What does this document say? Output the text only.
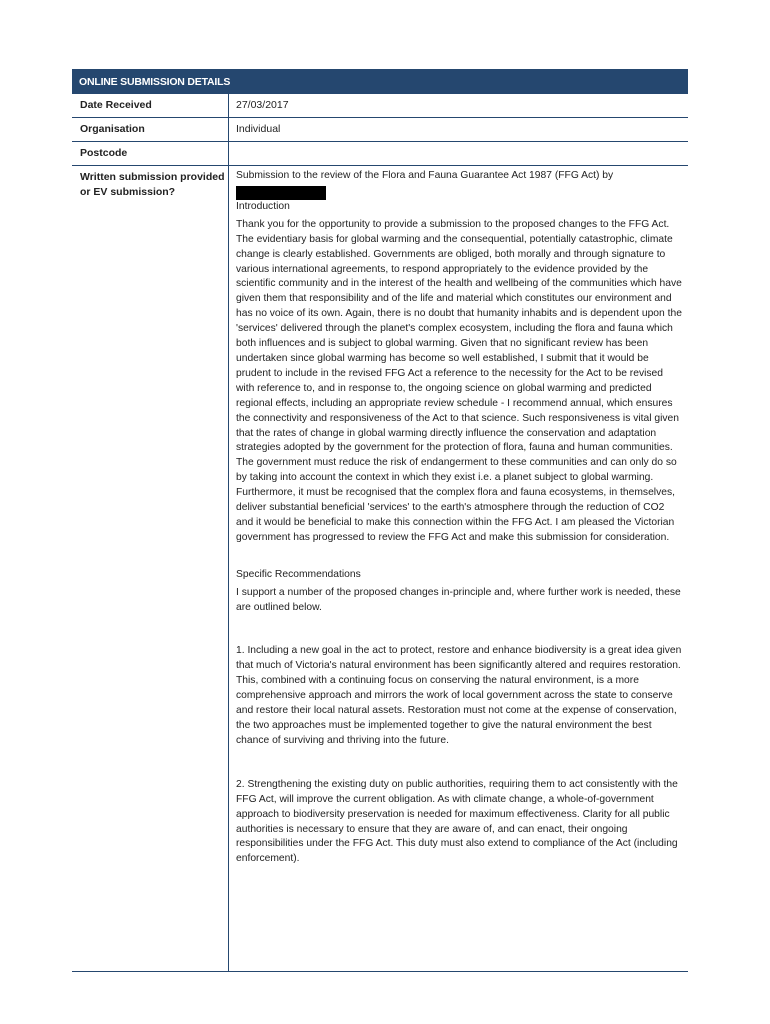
ONLINE SUBMISSION DETAILS
Date Received	27/03/2017
Organisation	Individual
Postcode
Written submission provided or EV submission?

Submission to the review of the Flora and Fauna Guarantee Act 1987 (FFG Act) by

Introduction

Thank you for the opportunity to provide a submission to the proposed changes to the FFG Act. The evidentiary basis for global warming and the consequential, potentially catastrophic, climate change is clearly established. Governments are obliged, both morally and through signature to various international agreements, to respond appropriately to the evidence provided by the scientific community and in the interest of the health and wellbeing of the communities which have given them that responsibility and of the life and material which constitutes our environment and has no voice of its own. Again, there is no doubt that humanity inhabits and is dependent upon the 'services' delivered through the planet's complex ecosystem, including the flora and fauna which both influences and is subject to global warming. Given that no significant review has been undertaken since global warming has become so well established, I submit that it would be prudent to include in the revised FFG Act a reference to the necessity for the Act to be revised with reference to, and in response to, the ongoing science on global warming and predicted regional effects, including an appropriate review schedule - I recommend annual, which ensures the connectivity and responsiveness of the Act to that science. Such responsiveness is vital given that the rates of change in global warming directly influence the conservation and adaptation strategies adopted by the government for the protection of flora, fauna and human communities. The government must reduce the risk of endangerment to these communities and can only do so by taking into account the context in which they exist i.e. a planet subject to global warming. Furthermore, it must be recognised that the complex flora and fauna ecosystems, in themselves, deliver substantial beneficial 'services' to the earth's atmosphere through the reduction of CO2 and it would be beneficial to make this connection within the FFG Act. I am pleased the Victorian government has progressed to review the FFG Act and make this submission for consideration.

Specific Recommendations

I support a number of the proposed changes in-principle and, where further work is needed, these are outlined below.

1. Including a new goal in the act to protect, restore and enhance biodiversity is a great idea given that much of Victoria's natural environment has been significantly altered and requires restoration. This, combined with a continuing focus on conserving the natural environment, is a more comprehensive approach and mirrors the work of local government across the state to conserve and restore their local natural assets. Restoration must not come at the expense of conservation, the two approaches must be implemented together to give the natural environment the best chance of surviving and thriving into the future.

2. Strengthening the existing duty on public authorities, requiring them to act consistently with the FFG Act, will improve the current obligation. As with climate change, a whole-of-government approach to biodiversity preservation is needed for maximum effectiveness. Clarity for all public authorities is necessary to ensure that they are aware of, and can enact, their ongoing responsibilities under the FFG Act. This duty must also extend to compliance of the Act (including enforcement).
